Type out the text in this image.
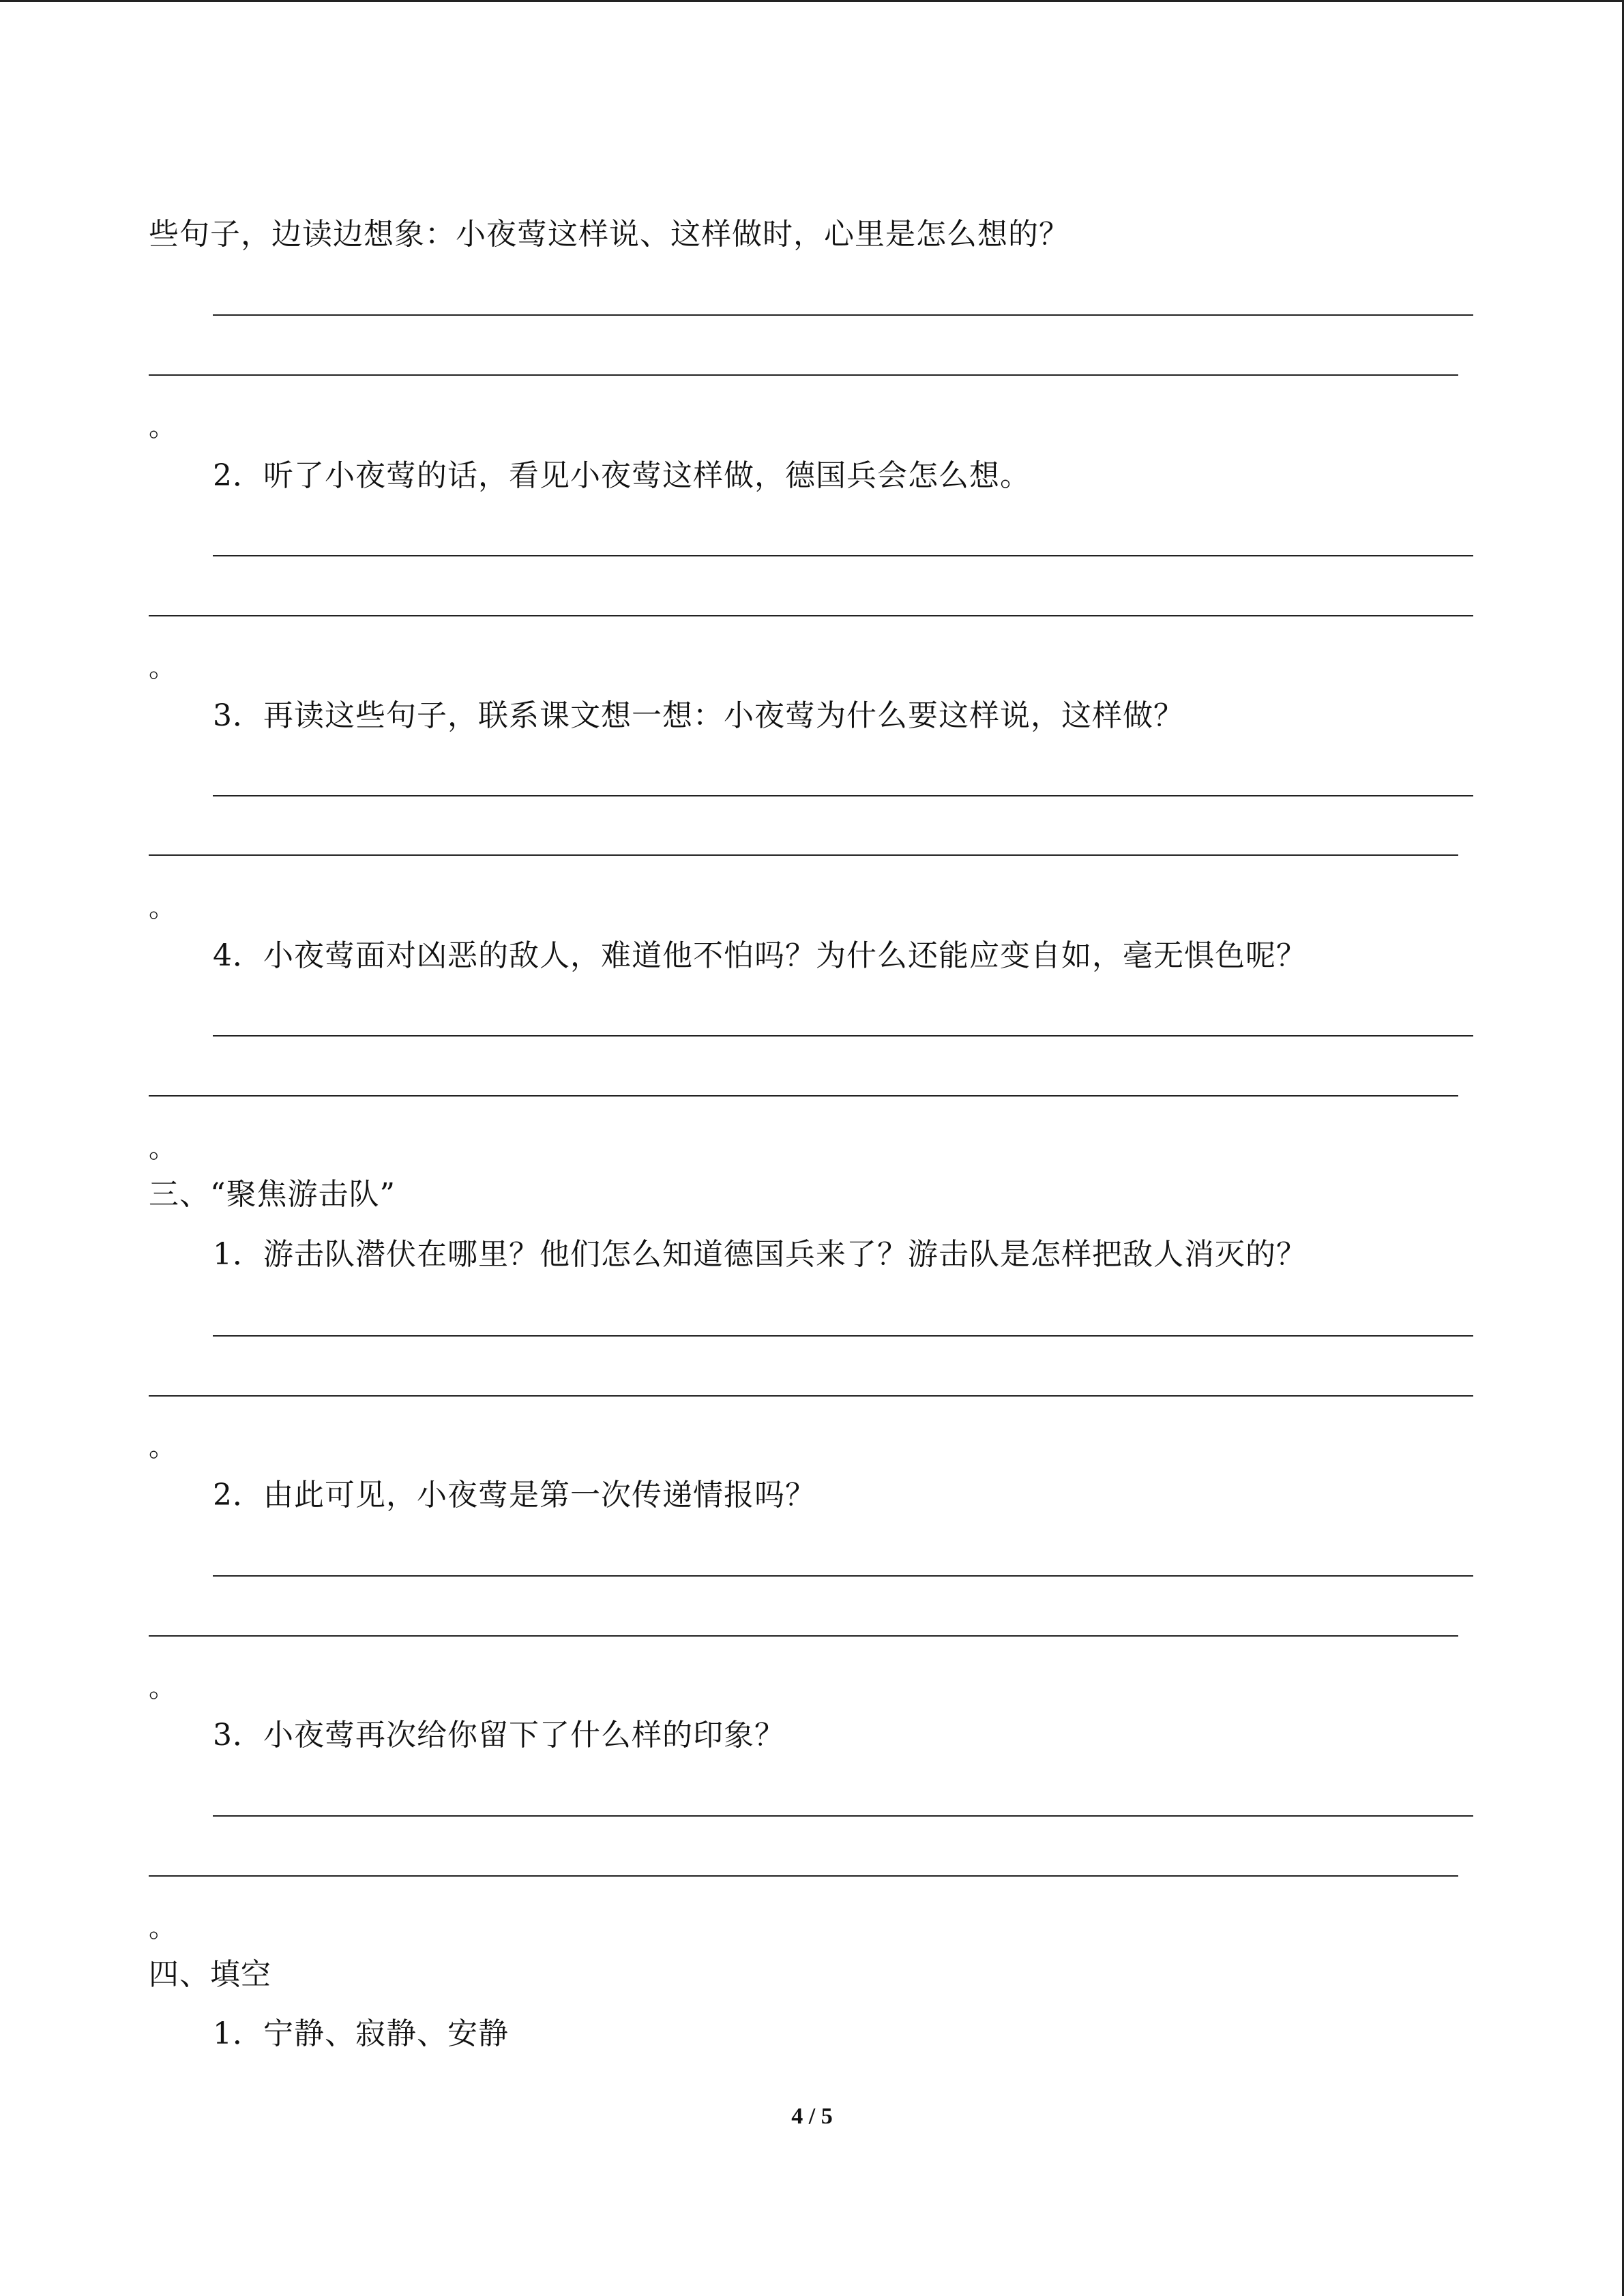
些句子，边读边想象：小夜莺这样说、这样做时，心里是怎么想的？
。
2．听了小夜莺的话，看见小夜莺这样做，德国兵会怎么想。
。
3．再读这些句子，联系课文想一想：小夜莺为什么要这样说，这样做？
。
4．小夜莺面对凶恶的敌人，难道他不怕吗？为什么还能应变自如，毫无惧色呢？
。
三、“聚焦游击队”
1．游击队潜伏在哪里？他们怎么知道德国兵来了？游击队是怎样把敌人消灭的？
。
2．由此可见，小夜莺是第一次传递情报吗？
。
3．小夜莺再次给你留下了什么样的印象？
。
四、填空
1．宁静、寂静、安静
4 / 5
